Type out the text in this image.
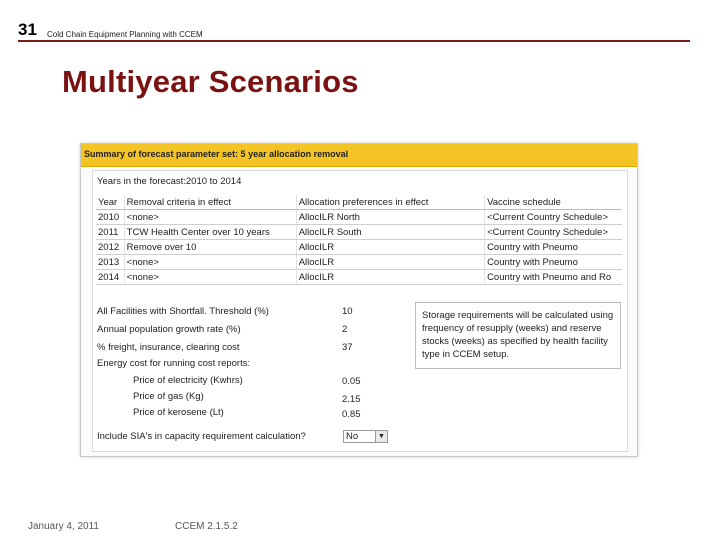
31 Cold Chain Equipment Planning with CCEM
Multiyear Scenarios
Summary of forecast parameter set: 5 year allocation removal
Years in the forecast:2010 to 2014
Year	Removal criteria in effect	Allocation preferences in effect	Vaccine schedule
2010	<none>	AllocILR North	<Current Country Schedule>
2011	TCW Health Center over 10 years	AllocILR South	<Current Country Schedule>
2012	Remove over 10	AllocILR	Country with Pneumo
2013	<none>	AllocILR	Country with Pneumo
2014	<none>	AllocILR	Country with Pneumo and Ro
All Facilities with Shortfall. Threshold (%)	10
Annual population growth rate (%)	2
% freight, insurance, clearing cost	37
Energy cost for running cost reports:
Price of electricity (Kwhrs)	0.05
Price of gas (Kg)	2.15
Price of kerosene (Lt)	0.85
Include SIA's in capacity requirement calculation?	No	▼
Storage requirements will be calculated using frequency of resupply (weeks) and reserve stocks (weeks) as specified by health facility type in CCEM setup.
January 4, 2011	CCEM 2.1.5.2
